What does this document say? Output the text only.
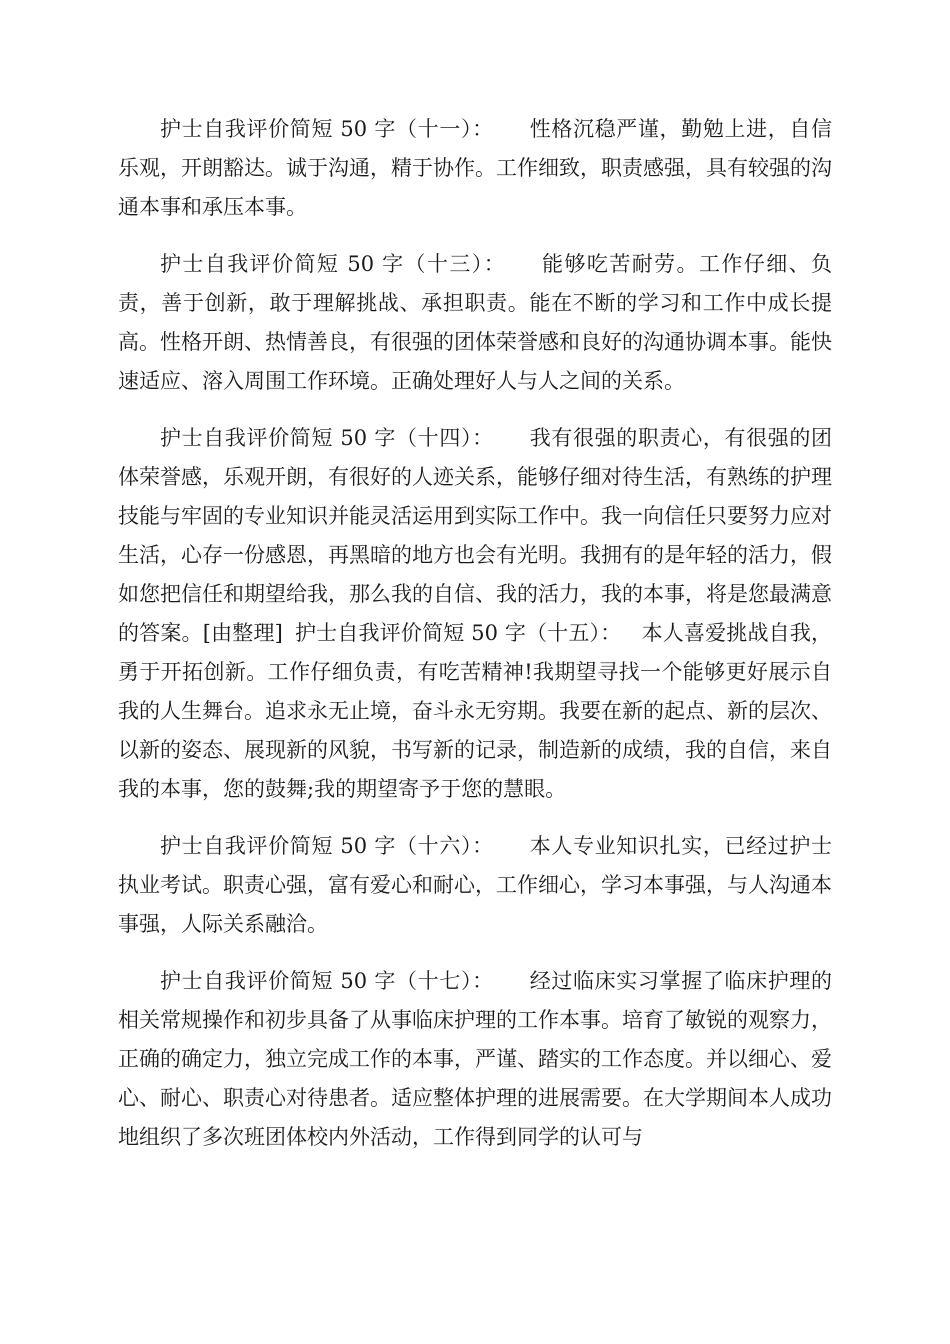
护士自我评价简短 50 字（十一）： 性格沉稳严谨，勤勉上进，自信乐观，开朗豁达。诚于沟通，精于协作。工作细致，职责感强，具有较强的沟通本事和承压本事。

护士自我评价简短 50 字（十三）： 能够吃苦耐劳。工作仔细、负责，善于创新，敢于理解挑战、承担职责。能在不断的学习和工作中成长提高。性格开朗、热情善良，有很强的团体荣誉感和良好的沟通协调本事。能快速适应、溶入周围工作环境。正确处理好人与人之间的关系。

护士自我评价简短 50 字（十四）： 我有很强的职责心，有很强的团体荣誉感，乐观开朗，有很好的人迹关系，能够仔细对待生活，有熟练的护理技能与牢固的专业知识并能灵活运用到实际工作中。我一向信任只要努力应对生活，心存一份感恩，再黑暗的地方也会有光明。我拥有的是年轻的活力，假如您把信任和期望给我，那么我的自信、我的活力，我的本事，将是您最满意的答案。[由整理] 护士自我评价简短 50 字（十五）： 本人喜爱挑战自我，勇于开拓创新。工作仔细负责，有吃苦精神!我期望寻找一个能够更好展示自我的人生舞台。追求永无止境，奋斗永无穷期。我要在新的起点、新的层次、以新的姿态、展现新的风貌，书写新的记录，制造新的成绩，我的自信，来自我的本事，您的鼓舞;我的期望寄予于您的慧眼。

护士自我评价简短 50 字（十六）： 本人专业知识扎实，已经过护士执业考试。职责心强，富有爱心和耐心，工作细心，学习本事强，与人沟通本事强，人际关系融洽。

护士自我评价简短 50 字（十七）： 经过临床实习掌握了临床护理的相关常规操作和初步具备了从事临床护理的工作本事。培育了敏锐的观察力，正确的确定力，独立完成工作的本事，严谨、踏实的工作态度。并以细心、爱心、耐心、职责心对待患者。适应整体护理的进展需要。在大学期间本人成功地组织了多次班团体校内外活动，工作得到同学的认可与
